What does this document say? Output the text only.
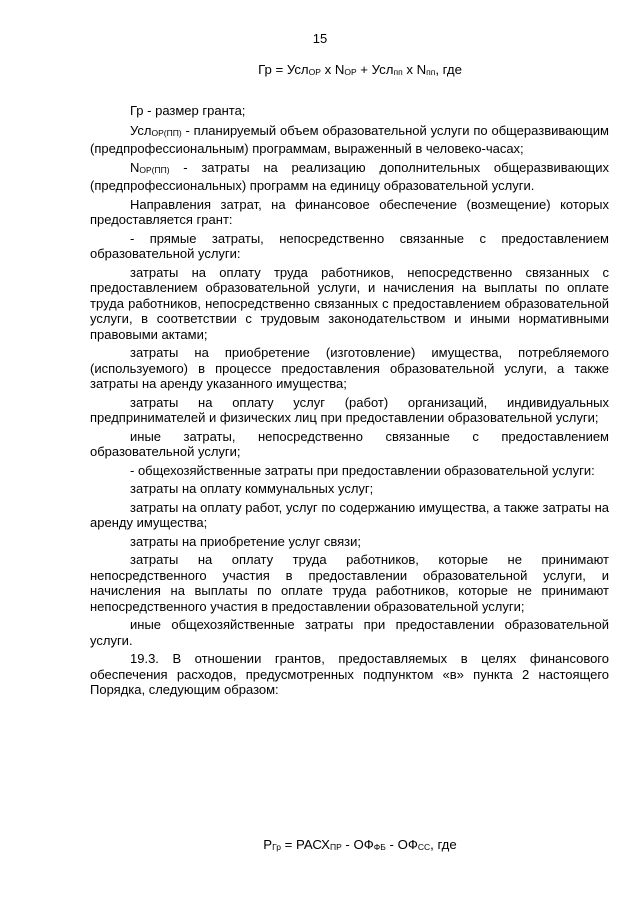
15
Гр = Усл$_{ОР}$ х $N_{ОР} + Усл_{пп}$ х $N_{пп}$, где

Гр - размер гранта;

Усл$_{ОР(ПП)}$ - планируемый объем образовательной услуги по общеразвивающим (предпрофессиональным) программам, выраженный в человеко-часах;

$N_{ОР(ПП)}$ - затраты на реализацию дополнительных общеразвивающих (предпрофессиональных) программ на единицу образовательной услуги.

Направления затрат, на финансовое обеспечение (возмещение) которых предоставляется грант:

- прямые затраты, непосредственно связанные с предоставлением образовательной услуги:

затраты на оплату труда работников, непосредственно связанных с предоставлением образовательной услуги, и начисления на выплаты по оплате труда работников, непосредственно связанных с предоставлением образовательной услуги, в соответствии с трудовым законодательством и иными нормативными правовыми актами;

затраты на приобретение (изготовление) имущества, потребляемого (используемого) в процессе предоставления образовательной услуги, а также затраты на аренду указанного имущества;

затраты на оплату услуг (работ) организаций, индивидуальных предпринимателей и физических лиц при предоставлении образовательной услуги;

иные затраты, непосредственно связанные с предоставлением образовательной услуги;

- общехозяйственные затраты при предоставлении образовательной услуги:

затраты на оплату коммунальных услуг;

затраты на оплату работ, услуг по содержанию имущества, а также затраты на аренду имущества;

затраты на приобретение услуг связи;

затраты на оплату труда работников, которые не принимают непосредственного участия в предоставлении образовательной услуги, и начисления на выплаты по оплате труда работников, которые не принимают непосредственного участия в предоставлении образовательной услуги;

иные общехозяйственные затраты при предоставлении образовательной услуги.

19.3. В отношении грантов, предоставляемых в целях финансового обеспечения расходов, предусмотренных подпунктом «в» пункта 2 настоящего Порядка, следующим образом:

$Р_{Гр}$ = $РАСХ_{ПР} - ОФ_{ФБ} - ОФ_{СС}$, где
